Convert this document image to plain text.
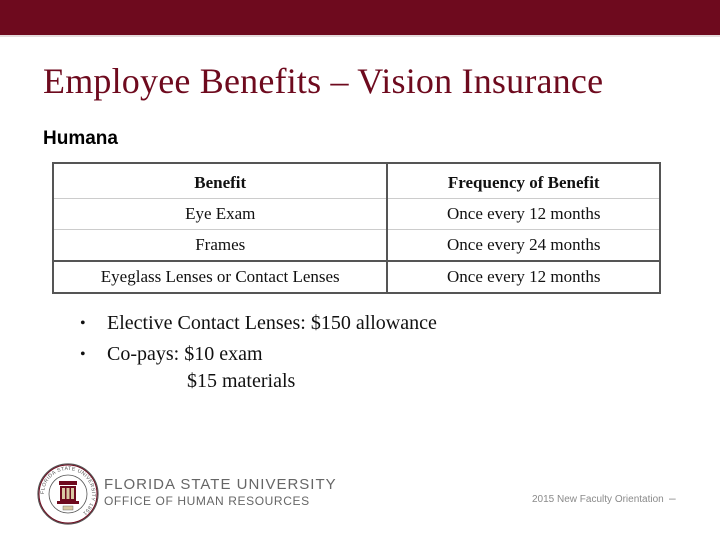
Employee Benefits – Vision Insurance
Humana
Benefit	Frequency of Benefit
Eye Exam	Once every 12 months
Frames	Once every 24 months
Eyeglass Lenses or Contact Lenses	Once every 12 months
• Elective Contact Lenses: $150 allowance
• Co-pays: $10 exam
$15 materials
FLORIDA STATE UNIVERSITY 1851
FLORIDA STATE UNIVERSITY
OFFICE OF HUMAN RESOURCES	2015 New Faculty Orientation –
